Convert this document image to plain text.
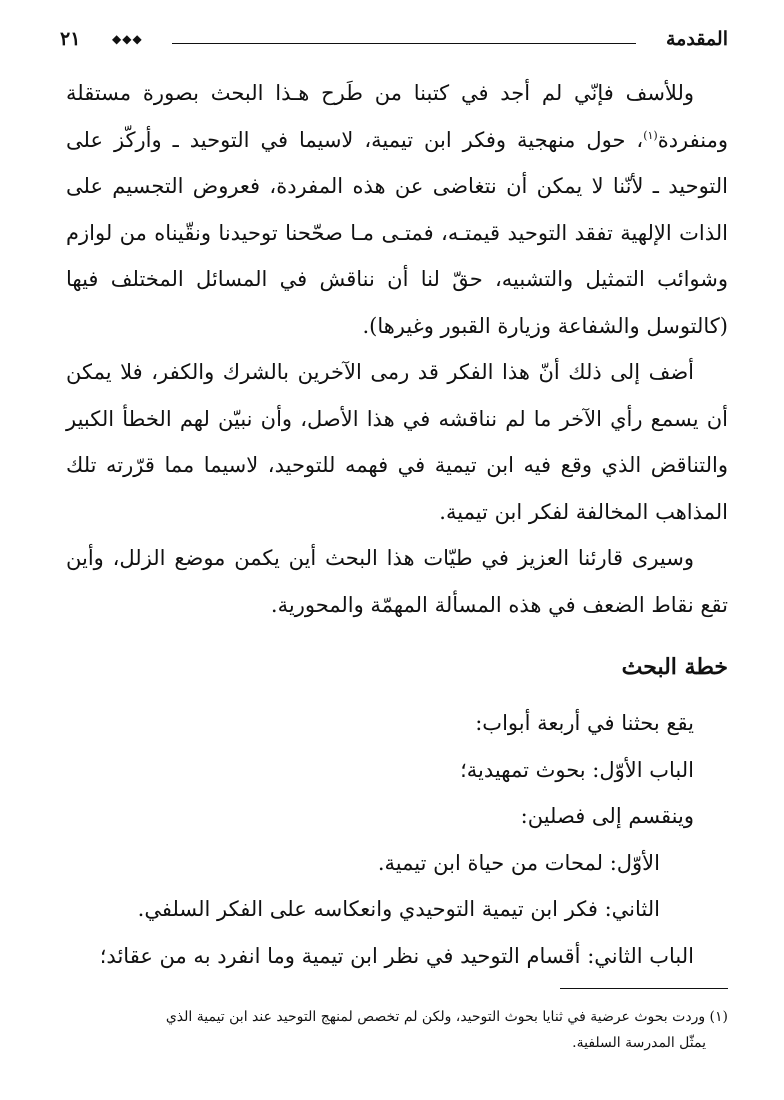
المقدمة
◆◆◆
٢١

وللأسف فإنّي لم أجد في كتبنا من طَرح هـذا البحث بصورة مستقلة ومنفردة$^{(١)}$، حول منهجية وفكر ابن تيمية، لاسيما في التوحيد ـ وأركّز على التوحيد ـ لأنّنا لا يمكن أن نتغاضى عن هذه المفردة، فعروض التجسيم على الذات الإلهية تفقد التوحيد قيمتـه، فمتـى مـا صحّحنا توحيدنا ونقّيناه من لوازم وشوائب التمثيل والتشبيه، حقّ لنا أن نناقش في المسائل المختلف فيها (كالتوسل والشفاعة وزيارة القبور وغيرها).

أضف إلى ذلك أنّ هذا الفكر قد رمى الآخرين بالشرك والكفر، فلا يمكن أن يسمع رأي الآخر ما لم نناقشه في هذا الأصل، وأن نبيّن لهم الخطأ الكبير والتناقض الذي وقع فيه ابن تيمية في فهمه للتوحيد، لاسيما مما قرّرته تلك المذاهب المخالفة لفكر ابن تيمية.

وسيرى قارئنا العزيز في طيّات هذا البحث أين يكمن موضع الزلل، وأين تقع نقاط الضعف في هذه المسألة المهمّة والمحورية.

خطة البحث
يقع بحثنا في أربعة أبواب:
الباب الأوّل: بحوث تمهيدية؛
وينقسم إلى فصلين:
الأوّل: لمحات من حياة ابن تيمية.
الثاني: فكر ابن تيمية التوحيدي وانعكاسه على الفكر السلفي.
الباب الثاني: أقسام التوحيد في نظر ابن تيمية وما انفرد به من عقائد؛
(١) وردت بحوث عرضية في ثنايا بحوث التوحيد، ولكن لم تخصص لمنهج التوحيد عند ابن تيمية الذي
يمثّل المدرسة السلفية.
